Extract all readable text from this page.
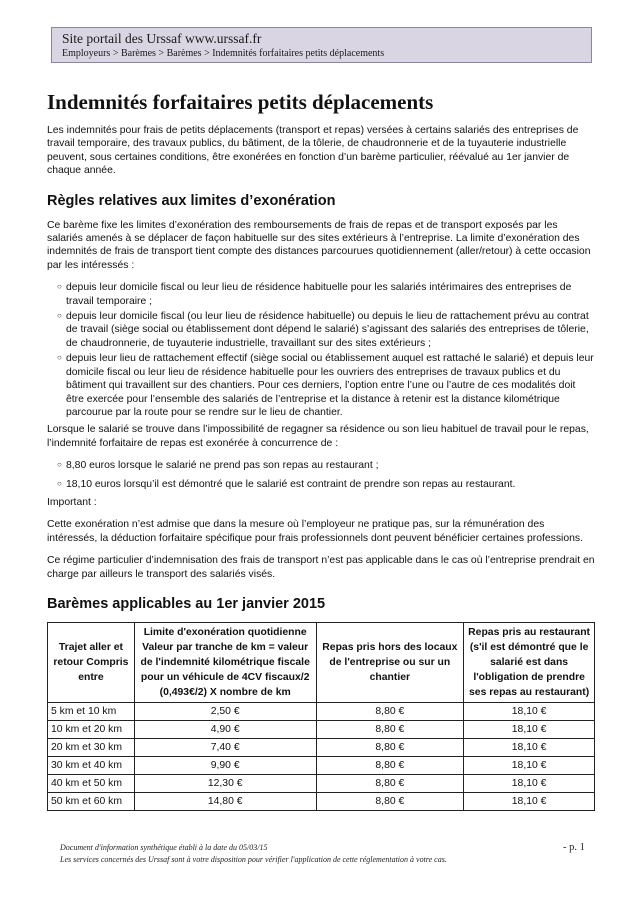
Site portail des Urssaf www.urssaf.fr
Employeurs > Barèmes > Barèmes > Indemnités forfaitaires petits déplacements
Indemnités forfaitaires petits déplacements

Les indemnités pour frais de petits déplacements (transport et repas) versées à certains salariés des entreprises de travail temporaire, des travaux publics, du bâtiment, de la tôlerie, de chaudronnerie et de la tuyauterie industrielle peuvent, sous certaines conditions, être exonérées en fonction d’un barème particulier, réévalué au 1er janvier de chaque année.

Règles relatives aux limites d’exonération

Ce barème fixe les limites d’exonération des remboursements de frais de repas et de transport exposés par les salariés amenés à se déplacer de façon habituelle sur des sites extérieurs à l’entreprise. La limite d’exonération des indemnités de frais de transport tient compte des distances parcourues quotidiennement (aller/retour) à cette occasion par les intéressés :

○ depuis leur domicile fiscal ou leur lieu de résidence habituelle pour les salariés intérimaires des entreprises de travail temporaire ;
○ depuis leur domicile fiscal (ou leur lieu de résidence habituelle) ou depuis le lieu de rattachement prévu au contrat de travail (siège social ou établissement dont dépend le salarié) s’agissant des salariés des entreprises de tôlerie, de chaudronnerie, de tuyauterie industrielle, travaillant sur des sites extérieurs ;
○ depuis leur lieu de rattachement effectif (siège social ou établissement auquel est rattaché le salarié) et depuis leur domicile fiscal ou leur lieu de résidence habituelle pour les ouvriers des entreprises de travaux publics et du bâtiment qui travaillent sur des chantiers. Pour ces derniers, l’option entre l’une ou l’autre de ces modalités doit être exercée pour l’ensemble des salariés de l’entreprise et la distance à retenir est la distance kilométrique parcourue par la route pour se rendre sur le lieu de chantier.

Lorsque le salarié se trouve dans l’impossibilité de regagner sa résidence ou son lieu habituel de travail pour le repas, l’indemnité forfaitaire de repas est exonérée à concurrence de :

○ 8,80 euros lorsque le salarié ne prend pas son repas au restaurant ;
○ 18,10 euros lorsqu’il est démontré que le salarié est contraint de prendre son repas au restaurant.

Important :

Cette exonération n’est admise que dans la mesure où l’employeur ne pratique pas, sur la rémunération des intéressés, la déduction forfaitaire spécifique pour frais professionnels dont peuvent bénéficier certaines professions.

Ce régime particulier d’indemnisation des frais de transport n’est pas applicable dans le cas où l’entreprise prendrait en charge par ailleurs le transport des salariés visés.

Barèmes applicables au 1er janvier 2015
Trajet aller et retour Compris entre	Limite d'exonération quotidienne Valeur par tranche de km = valeur de l'indemnité kilométrique fiscale pour un véhicule de 4CV fiscaux/2 (0,493€/2) X nombre de km	Repas pris hors des locaux de l'entreprise ou sur un chantier	Repas pris au restaurant (s'il est démontré que le salarié est dans l'obligation de prendre ses repas au restaurant)
5 km et 10 km	2,50 €	8,80 €	18,10 €
10 km et 20 km	4,90 €	8,80 €	18,10 €
20 km et 30 km	7,40 €	8,80 €	18,10 €
30 km et 40 km	9,90 €	8,80 €	18,10 €
40 km et 50 km	12,30 €	8,80 €	18,10 €
50 km et 60 km	14,80 €	8,80 €	18,10 €
Document d'information synthétique établi à la date du 05/03/15
Les services concernés des Urssaf sont à votre disposition pour vérifier l'application de cette réglementation à votre cas.
- p. 1
